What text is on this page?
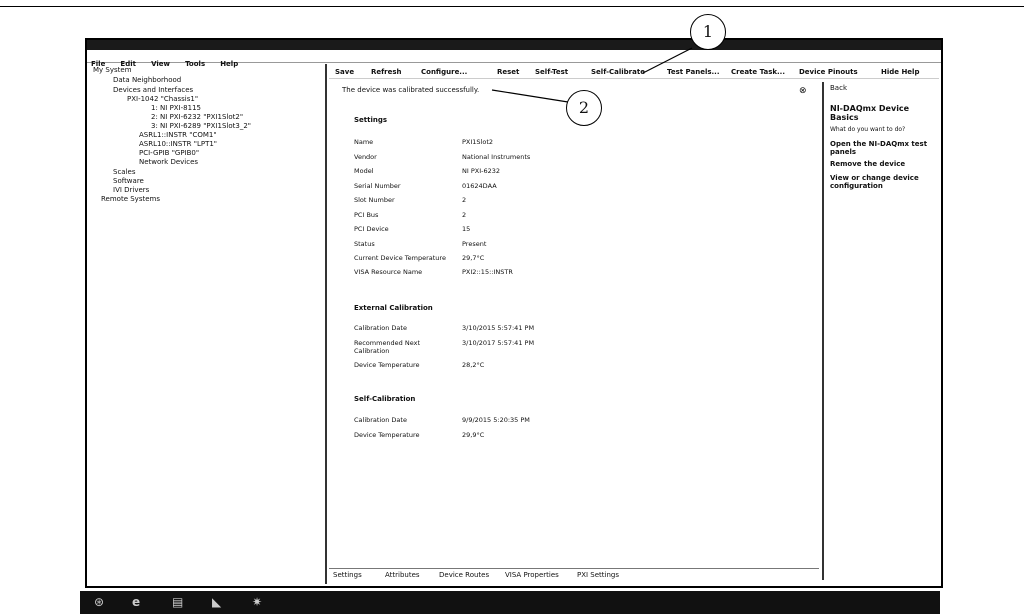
File Edit View Tools Help
My System
Data Neighborhood
Devices and Interfaces
PXI-1042 "Chassis1"
1: NI PXI-8115
2: NI PXI-6232 "PXI1Slot2"
3: NI PXI-6289 "PXI1Slot3_2"
ASRL1::INSTR "COM1"
ASRL10::INSTR "LPT1"
PCI-GPIB "GPIB0"
Network Devices
Scales
Software
IVI Drivers
Remote Systems
Save Refresh	Configure...	Reset Self-Test	Self-Calibrate	Test Panels... Create Task... Device Pinouts	Hide Help
The device was calibrated successfully.	⊗
Settings
Name	PXI1Slot2
Vendor	National Instruments
Model	NI PXI-6232
Serial Number	01624DAA
Slot Number	2
PCI Bus	2
PCI Device	15
Status	Present
Current Device Temperature	29,7°C
VISA Resource Name	PXI2::15::INSTR
External Calibration
Calibration Date	3/10/2015 5:57:41 PM
Recommended Next Calibration
3/10/2017 5:57:41 PM
Device Temperature	28,2°C
Self-Calibration
Calibration Date	9/9/2015 5:20:35 PM
Device Temperature	29,9°C
Settings	Attributes	Device Routes VISA Properties	PXI Settings
Back
NI-DAQmx Device Basics
What do you want to do?
Open the NI-DAQmx test panels
Remove the device
View or change device configuration
⊛ e	▤ ◣	✷
1
2
